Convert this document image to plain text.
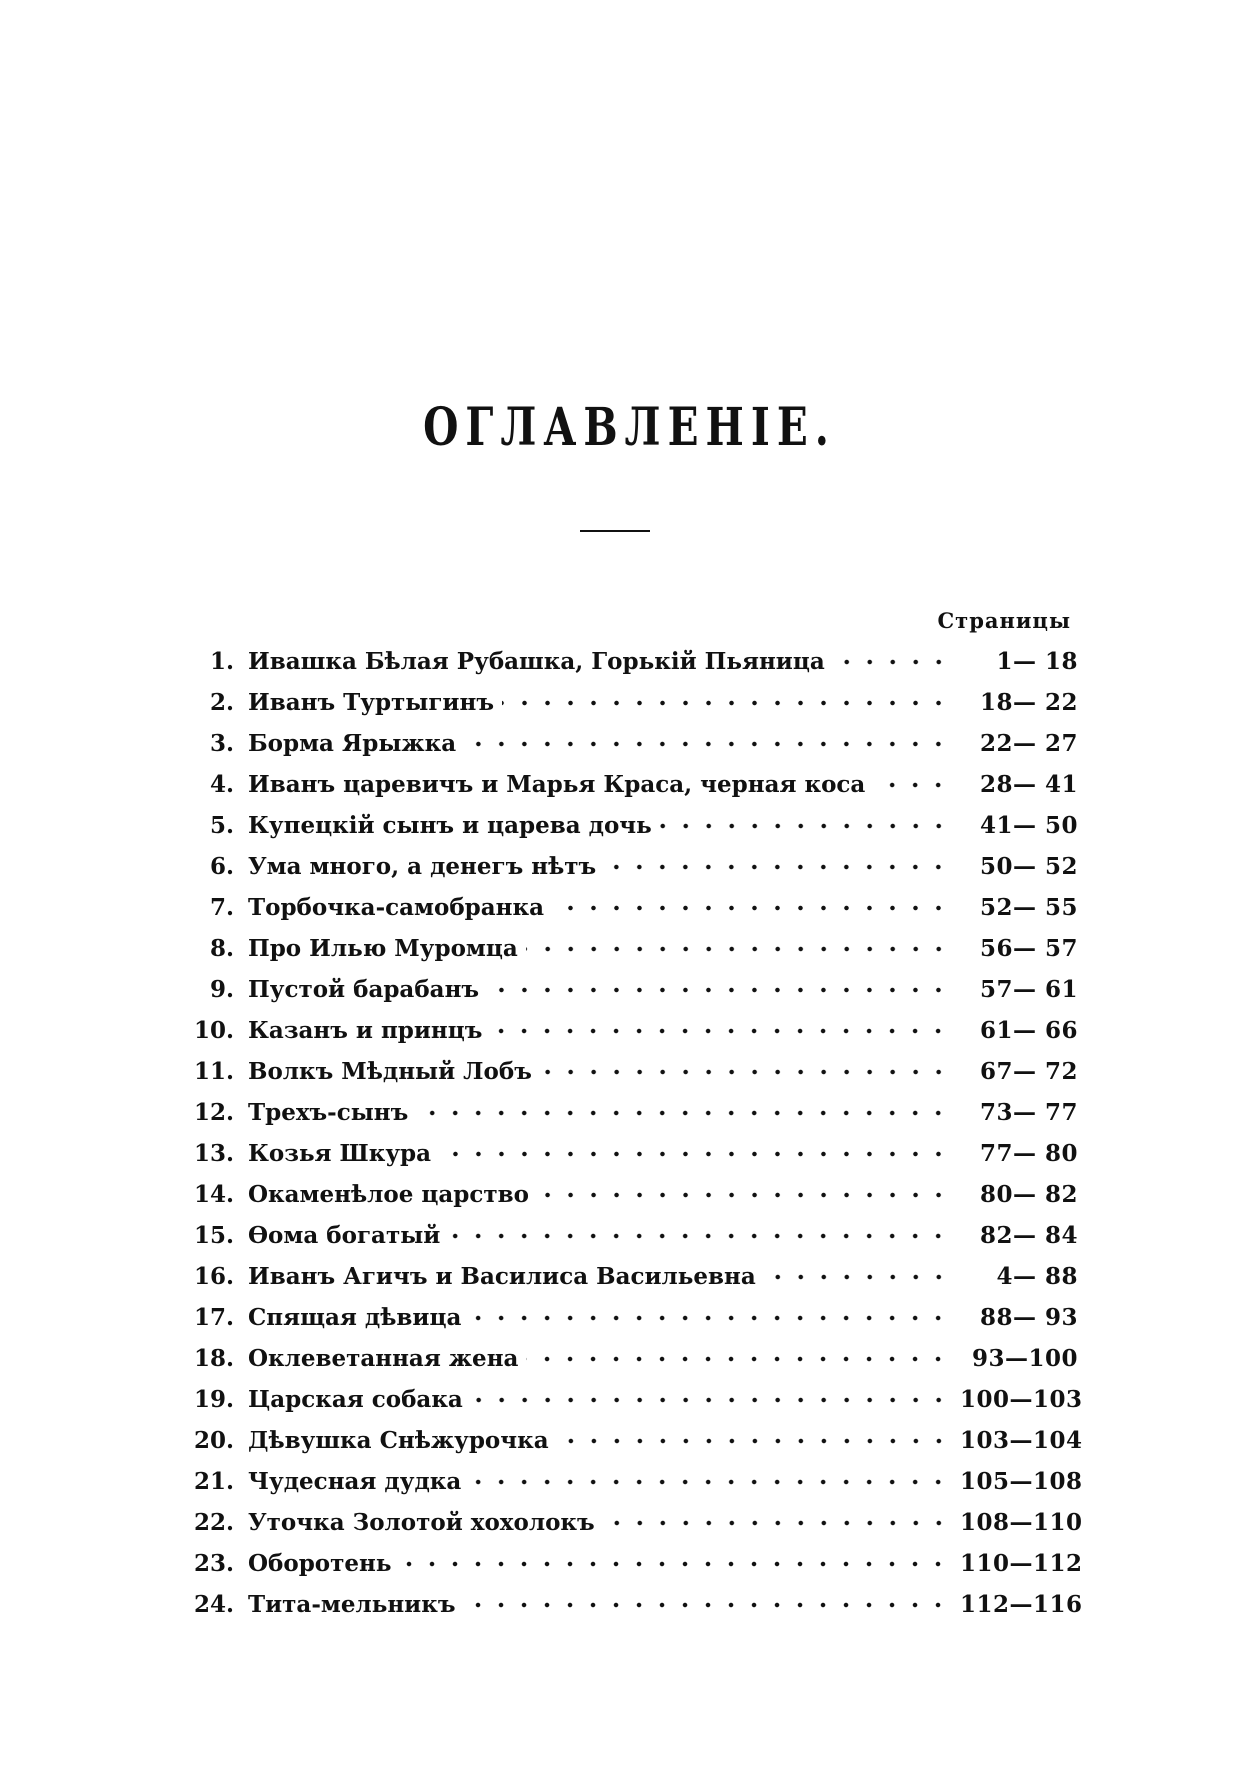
ОГЛАВЛЕНІЕ.
Страницы
1. Ивашка Бѣлая Рубашка, Горькій Пьяница	1— 18
2. Иванъ Туртыгинъ	18— 22
3. Борма Ярыжка	22— 27
4. Иванъ царевичъ и Марья Краса, черная коса	28— 41
5. Купецкій сынъ и царева дочь	41— 50
6. Ума много, а денегъ нѣтъ	50— 52
7. Торбочка-самобранка	52— 55
8. Про Илью Муромца	56— 57
9. Пустой барабанъ	57— 61
10. Казанъ и принцъ	61— 66
11. Волкъ Мѣдный Лобъ	67— 72
12. Трехъ-сынъ	73— 77
13. Козья Шкура	77— 80
14. Окаменѣлое царство	80— 82
15. Ѳома богатый	82— 84
16. Иванъ Агичъ и Василиса Васильевна	4— 88
17. Спящая дѣвица	88— 93
18. Оклеветанная жена	93—100
19. Царская собака	100—103
20. Дѣвушка Снѣжурочка	103—104
21. Чудесная дудка	105—108
22. Уточка Золотой хохолокъ	108—110
23. Оборотень	110—112
24. Тита-мельникъ	112—116
